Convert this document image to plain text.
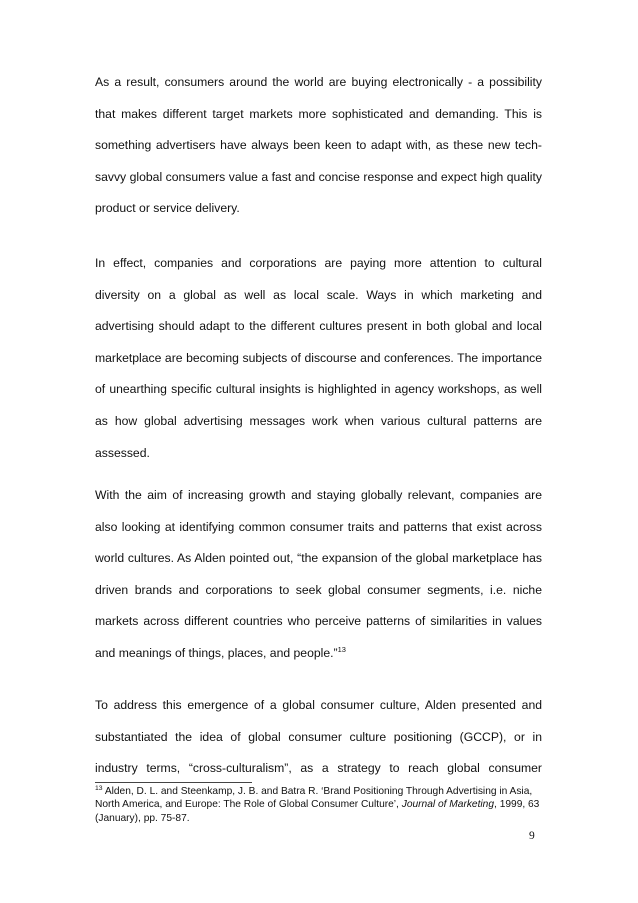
As a result, consumers around the world are buying electronically - a possibility that makes different target markets more sophisticated and demanding. This is something advertisers have always been keen to adapt with, as these new tech-savvy global consumers value a fast and concise response and expect high quality product or service delivery.

In effect, companies and corporations are paying more attention to cultural diversity on a global as well as local scale. Ways in which marketing and advertising should adapt to the different cultures present in both global and local marketplace are becoming subjects of discourse and conferences. The importance of unearthing specific cultural insights is highlighted in agency workshops, as well as how global advertising messages work when various cultural patterns are assessed.

With the aim of increasing growth and staying globally relevant, companies are also looking at identifying common consumer traits and patterns that exist across world cultures. As Alden pointed out, “the expansion of the global marketplace has driven brands and corporations to seek global consumer segments, i.e. niche markets across different countries who perceive patterns of similarities in values and meanings of things, places, and people.”$^{13}$

To address this emergence of a global consumer culture, Alden presented and substantiated the idea of global consumer culture positioning (GCCP), or in industry terms, “cross-culturalism”, as a strategy to reach global consumer

$^{13}$ Alden, D. L. and Steenkamp, J. B. and Batra R. ‘Brand Positioning Through Advertising in Asia, North America, and Europe: The Role of Global Consumer Culture’, Journal of Marketing, 1999, 63 (January), pp. 75-87.

9
